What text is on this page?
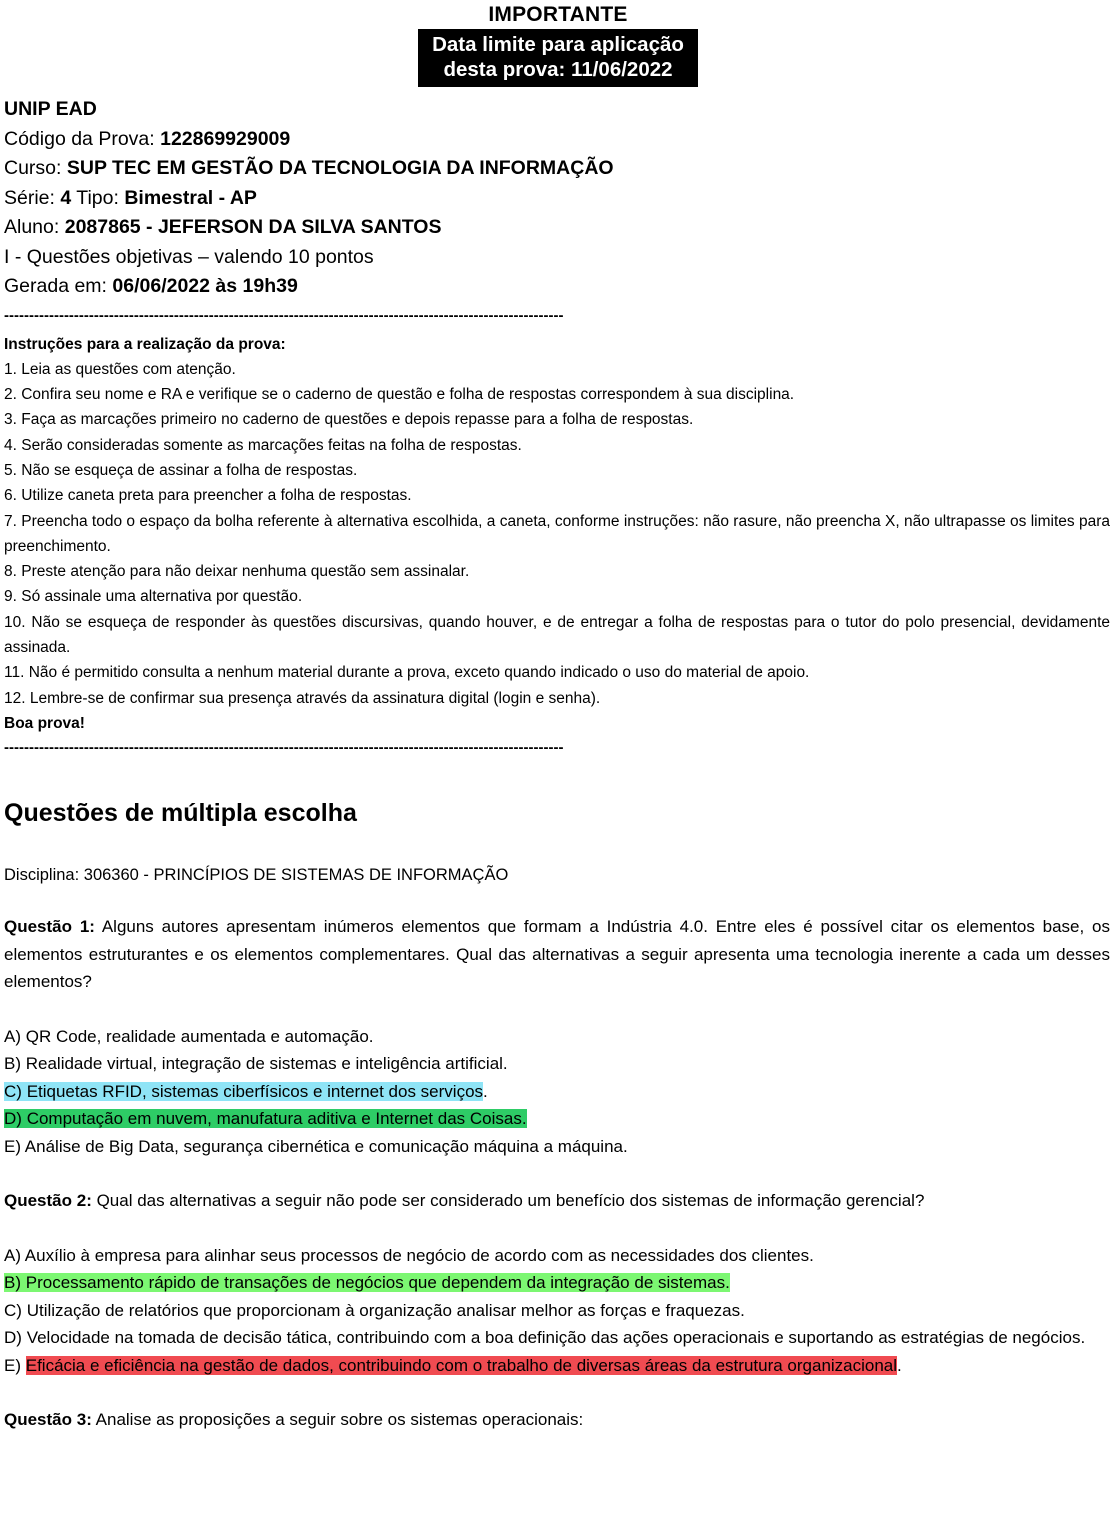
IMPORTANTE
Data limite para aplicação
desta prova: 11/06/2022
UNIP EAD
Código da Prova: 122869929009
Curso: SUP TEC EM GESTÃO DA TECNOLOGIA DA INFORMAÇÃO
Série: 4 Tipo: Bimestral - AP
Aluno: 2087865 - JEFERSON DA SILVA SANTOS
I - Questões objetivas – valendo 10 pontos
Gerada em: 06/06/2022 às 19h39
----------------------------------------------------------------------------------------------------------------

Instruções para a realização da prova:

1. Leia as questões com atenção.

2. Confira seu nome e RA e verifique se o caderno de questão e folha de respostas correspondem à sua disciplina.

3. Faça as marcações primeiro no caderno de questões e depois repasse para a folha de respostas.

4. Serão consideradas somente as marcações feitas na folha de respostas.

5. Não se esqueça de assinar a folha de respostas.

6. Utilize caneta preta para preencher a folha de respostas.

7. Preencha todo o espaço da bolha referente à alternativa escolhida, a caneta, conforme instruções: não rasure, não preencha X, não ultrapasse os limites para preenchimento.

8. Preste atenção para não deixar nenhuma questão sem assinalar.

9. Só assinale uma alternativa por questão.

10. Não se esqueça de responder às questões discursivas, quando houver, e de entregar a folha de respostas para o tutor do polo presencial, devidamente assinada.

11. Não é permitido consulta a nenhum material durante a prova, exceto quando indicado o uso do material de apoio.

12. Lembre-se de confirmar sua presença através da assinatura digital (login e senha).

Boa prova!

----------------------------------------------------------------------------------------------------------------
Questões de múltipla escolha
Disciplina: 306360 - PRINCÍPIOS DE SISTEMAS DE INFORMAÇÃO

Questão 1: Alguns autores apresentam inúmeros elementos que formam a Indústria 4.0. Entre eles é possível citar os elementos base, os elementos estruturantes e os elementos complementares. Qual das alternativas a seguir apresenta uma tecnologia inerente a cada um desses elementos?

A) QR Code, realidade aumentada e automação.

B) Realidade virtual, integração de sistemas e inteligência artificial.

C) Etiquetas RFID, sistemas ciberfísicos e internet dos serviços.

D) Computação em nuvem, manufatura aditiva e Internet das Coisas.

E) Análise de Big Data, segurança cibernética e comunicação máquina a máquina.

Questão 2: Qual das alternativas a seguir não pode ser considerado um benefício dos sistemas de informação gerencial?

A) Auxílio à empresa para alinhar seus processos de negócio de acordo com as necessidades dos clientes.

B) Processamento rápido de transações de negócios que dependem da integração de sistemas.

C) Utilização de relatórios que proporcionam à organização analisar melhor as forças e fraquezas.

D) Velocidade na tomada de decisão tática, contribuindo com a boa definição das ações operacionais e suportando as estratégias de negócios.

E) Eficácia e eficiência na gestão de dados, contribuindo com o trabalho de diversas áreas da estrutura organizacional.

Questão 3: Analise as proposições a seguir sobre os sistemas operacionais:
